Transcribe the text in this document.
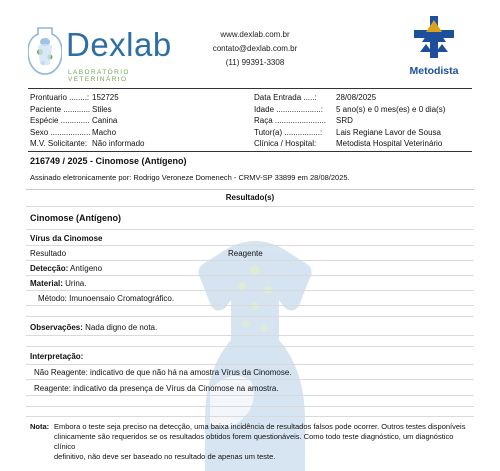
Dexlab
LABORATÓRIO VETERINÁRIO
www.dexlab.com.br
contato@dexlab.com.br
(11) 99391-3308
Metodista
Prontuario ........: 152725
Paciente ............ Stiles
Espécie ............. Canina
Sexo .................. Macho
M.V. Solicitante: Não informado
Data Entrada .....: 28/08/2025
Idade ....................: 5 ano(s) e 0 mes(es) e 0 dia(s)
Raça ....................... SRD
Tutor(a) ................: Lais Regiane Lavor de Sousa
Clínica / Hospital: Metodista Hospital Veterinário
216749 / 2025 - Cinomose (Antígeno)
Assinado eletronicamente por: Rodrigo Veroneze Domenech - CRMV-SP 33899 em 28/08/2025.
Resultado(s)
Cinomose (Antígeno)
Vírus da Cinomose
Resultado	Reagente
Detecção: Antígeno
Material: Urina.
Método: Imunoensaio Cromatográfico.
Observações: Nada digno de nota.
Interpretação:
Não Reagente: indicativo de que não há na amostra Vírus da Cinomose.
Reagente: indicativo da presença de Vírus da Cinomose na amostra.
Nota: Embora o teste seja preciso na detecção, uma baixa incidência de resultados falsos pode ocorrer. Outros testes disponíveis
clinicamente são requeridos se os resultados obtidos forem questionáveis. Como todo teste diagnóstico, um diagnóstico clínico
definitivo, não deve ser baseado no resultado de apenas um teste.
